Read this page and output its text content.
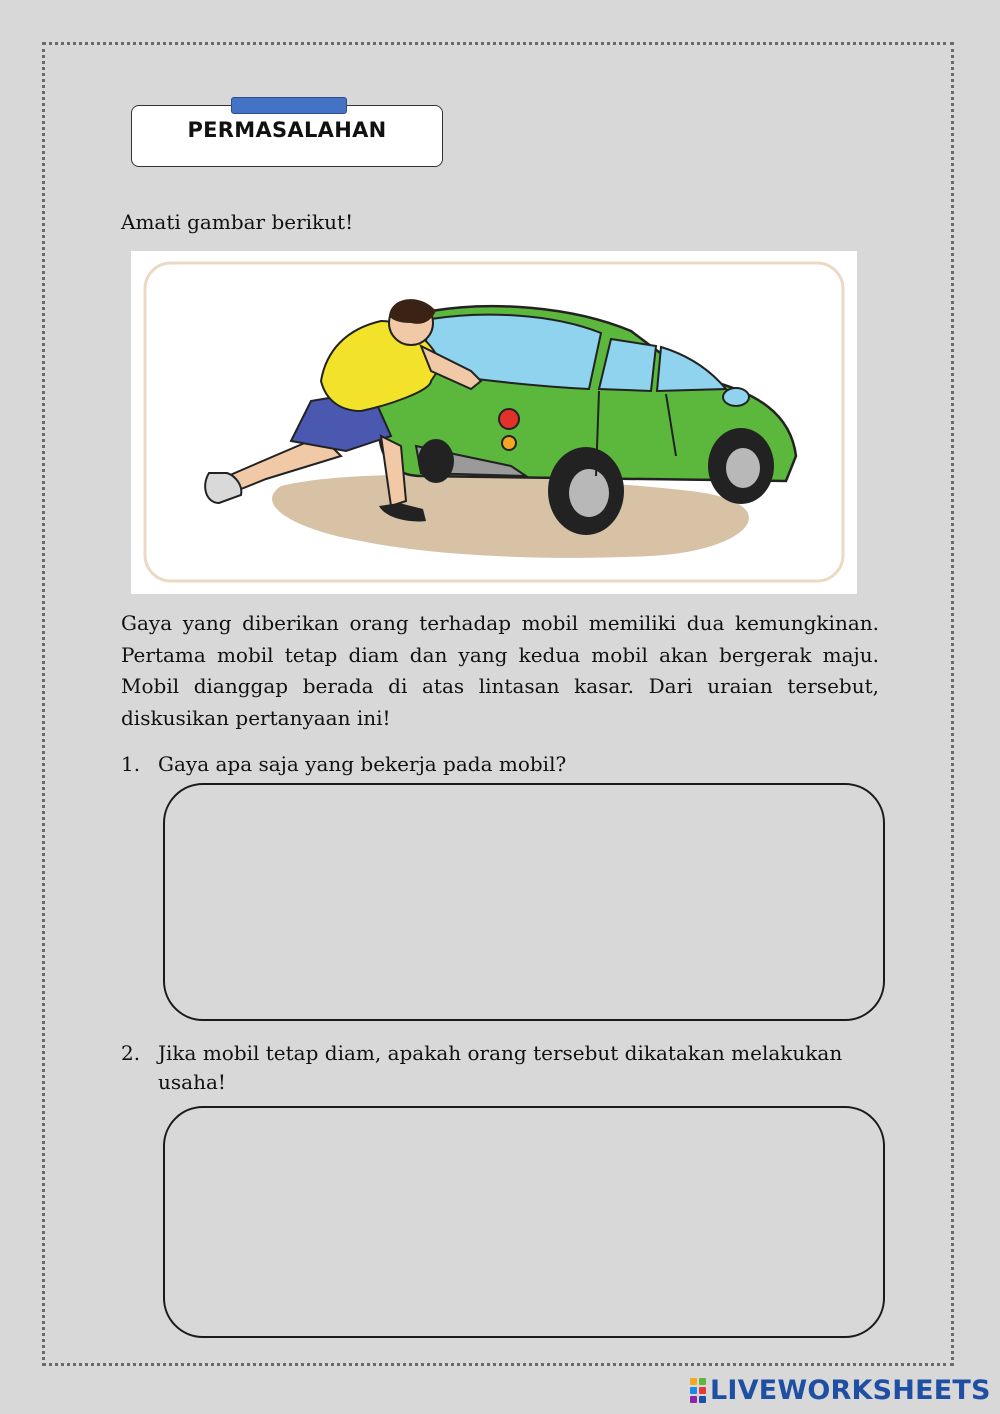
PERMASALAHAN
Amati gambar berikut!
Gaya yang diberikan orang terhadap mobil memiliki dua kemungkinan. Pertama mobil tetap diam dan yang kedua mobil akan bergerak maju. Mobil dianggap berada di atas lintasan kasar. Dari uraian tersebut, diskusikan pertanyaan ini!
1. Gaya apa saja yang bekerja pada mobil?
2. Jika mobil tetap diam, apakah orang tersebut dikatakan melakukan usaha!
LIVEWORKSHEETS
